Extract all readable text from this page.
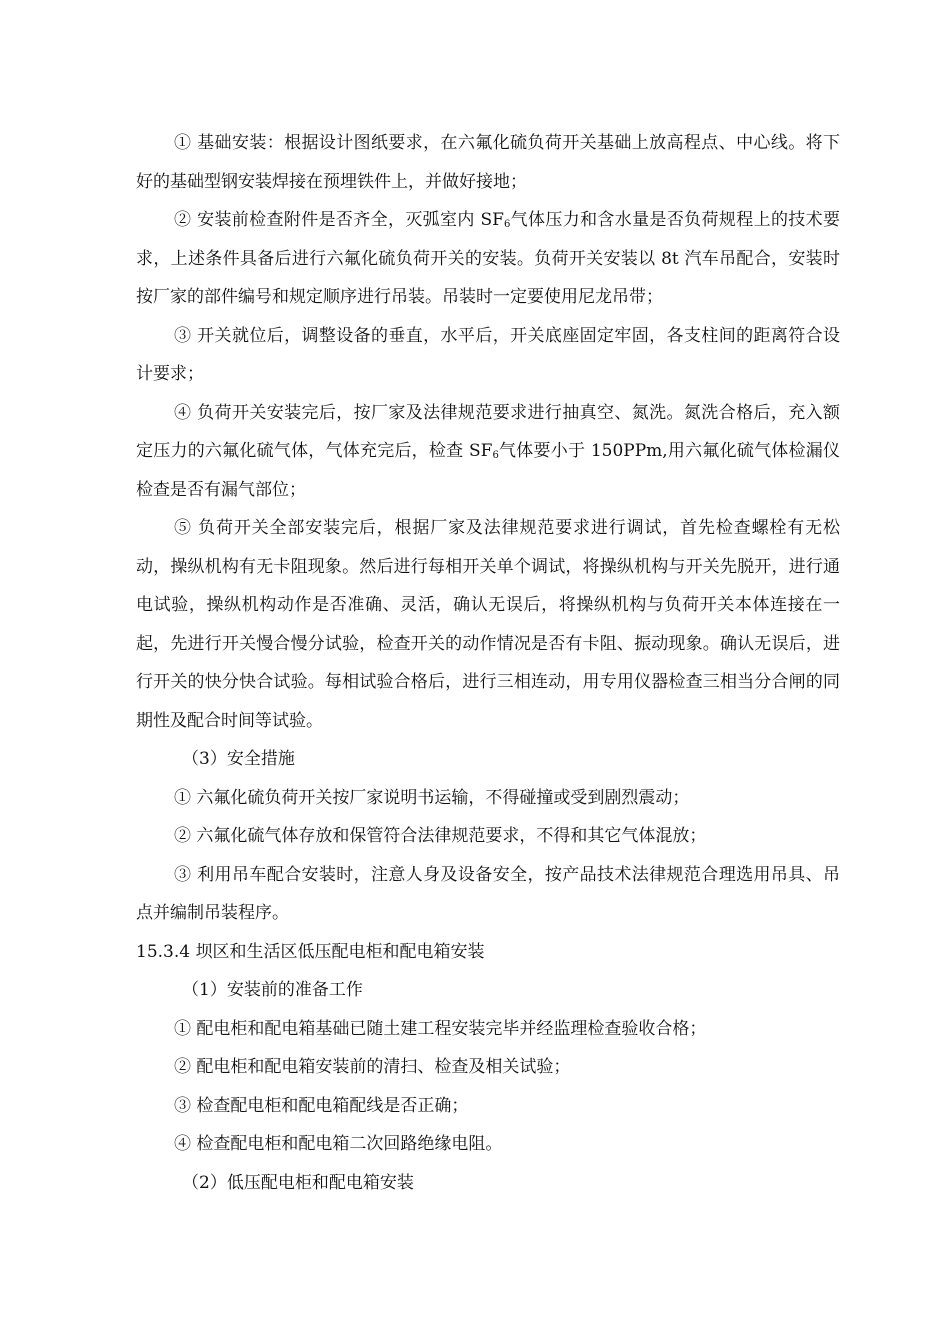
① 基础安装：根据设计图纸要求，在六氟化硫负荷开关基础上放高程点、中心线。将下好的基础型钢安装焊接在预埋铁件上，并做好接地；

② 安装前检查附件是否齐全，灭弧室内 $SF_6$气体压力和含水量是否负荷规程上的技术要求，上述条件具备后进行六氟化硫负荷开关的安装。负荷开关安装以 8t 汽车吊配合，安装时按厂家的部件编号和规定顺序进行吊装。吊装时一定要使用尼龙吊带；

③ 开关就位后，调整设备的垂直，水平后，开关底座固定牢固，各支柱间的距离符合设计要求；

④ 负荷开关安装完后，按厂家及法律规范要求进行抽真空、氮洗。氮洗合格后，充入额定压力的六氟化硫气体，气体充完后，检查 $SF_6$气体要小于 150PPm,用六氟化硫气体检漏仪检查是否有漏气部位；

⑤ 负荷开关全部安装完后，根据厂家及法律规范要求进行调试，首先检查螺栓有无松动，操纵机构有无卡阻现象。然后进行每相开关单个调试，将操纵机构与开关先脱开，进行通电试验，操纵机构动作是否准确、灵活，确认无误后，将操纵机构与负荷开关本体连接在一起，先进行开关慢合慢分试验，检查开关的动作情况是否有卡阻、振动现象。确认无误后，进行开关的快分快合试验。每相试验合格后，进行三相连动，用专用仪器检查三相当分合闸的同期性及配合时间等试验。

（3）安全措施

① 六氟化硫负荷开关按厂家说明书运输，不得碰撞或受到剧烈震动；

② 六氟化硫气体存放和保管符合法律规范要求，不得和其它气体混放；

③ 利用吊车配合安装时，注意人身及设备安全，按产品技术法律规范合理选用吊具、吊点并编制吊装程序。

15.3.4 坝区和生活区低压配电柜和配电箱安装

（1）安装前的准备工作

① 配电柜和配电箱基础已随土建工程安装完毕并经监理检查验收合格；

② 配电柜和配电箱安装前的清扫、检查及相关试验；

③ 检查配电柜和配电箱配线是否正确；

④ 检查配电柜和配电箱二次回路绝缘电阻。

（2）低压配电柜和配电箱安装
